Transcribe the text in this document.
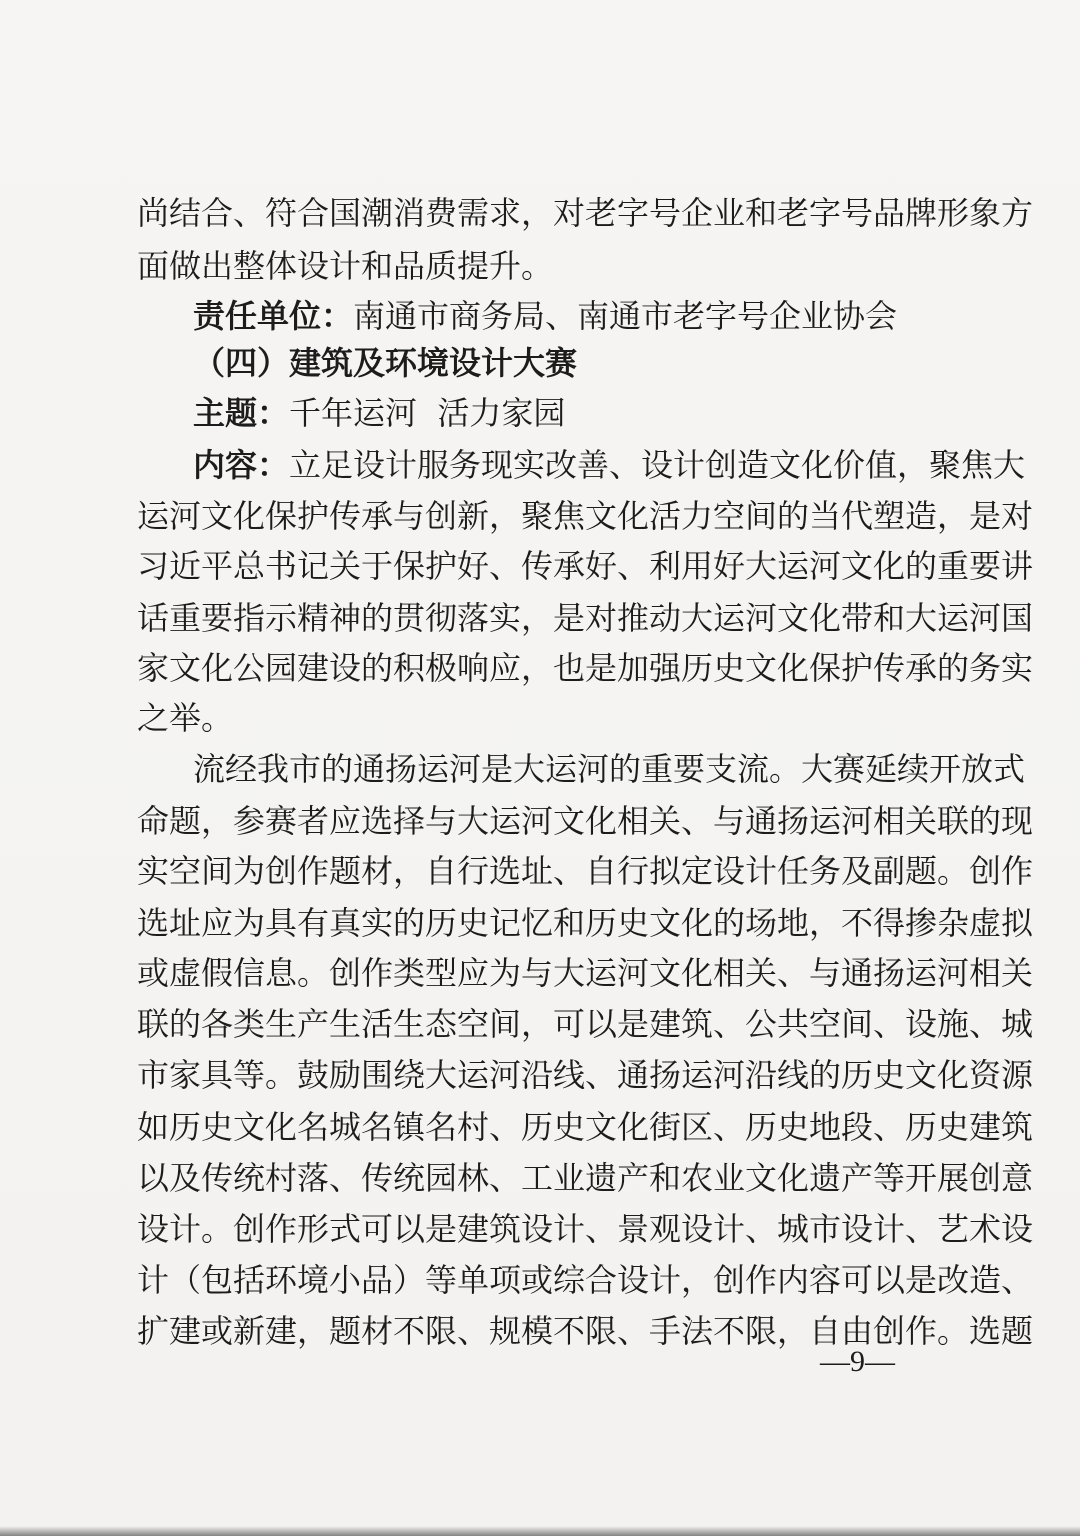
尚结合、符合国潮消费需求，对老字号企业和老字号品牌形象方
面做出整体设计和品质提升。
责任单位：南通市商务局、南通市老字号企业协会
（四）建筑及环境设计大赛
主题：千年运河  活力家园
内容：立足设计服务现实改善、设计创造文化价值，聚焦大
运河文化保护传承与创新，聚焦文化活力空间的当代塑造，是对
习近平总书记关于保护好、传承好、利用好大运河文化的重要讲
话重要指示精神的贯彻落实，是对推动大运河文化带和大运河国
家文化公园建设的积极响应，也是加强历史文化保护传承的务实
之举。
流经我市的通扬运河是大运河的重要支流。大赛延续开放式
命题，参赛者应选择与大运河文化相关、与通扬运河相关联的现
实空间为创作题材，自行选址、自行拟定设计任务及副题。创作
选址应为具有真实的历史记忆和历史文化的场地，不得掺杂虚拟
或虚假信息。创作类型应为与大运河文化相关、与通扬运河相关
联的各类生产生活生态空间，可以是建筑、公共空间、设施、城
市家具等。鼓励围绕大运河沿线、通扬运河沿线的历史文化资源
如历史文化名城名镇名村、历史文化街区、历史地段、历史建筑
以及传统村落、传统园林、工业遗产和农业文化遗产等开展创意
设计。创作形式可以是建筑设计、景观设计、城市设计、艺术设
计（包括环境小品）等单项或综合设计，创作内容可以是改造、
扩建或新建，题材不限、规模不限、手法不限，自由创作。选题
—9—
